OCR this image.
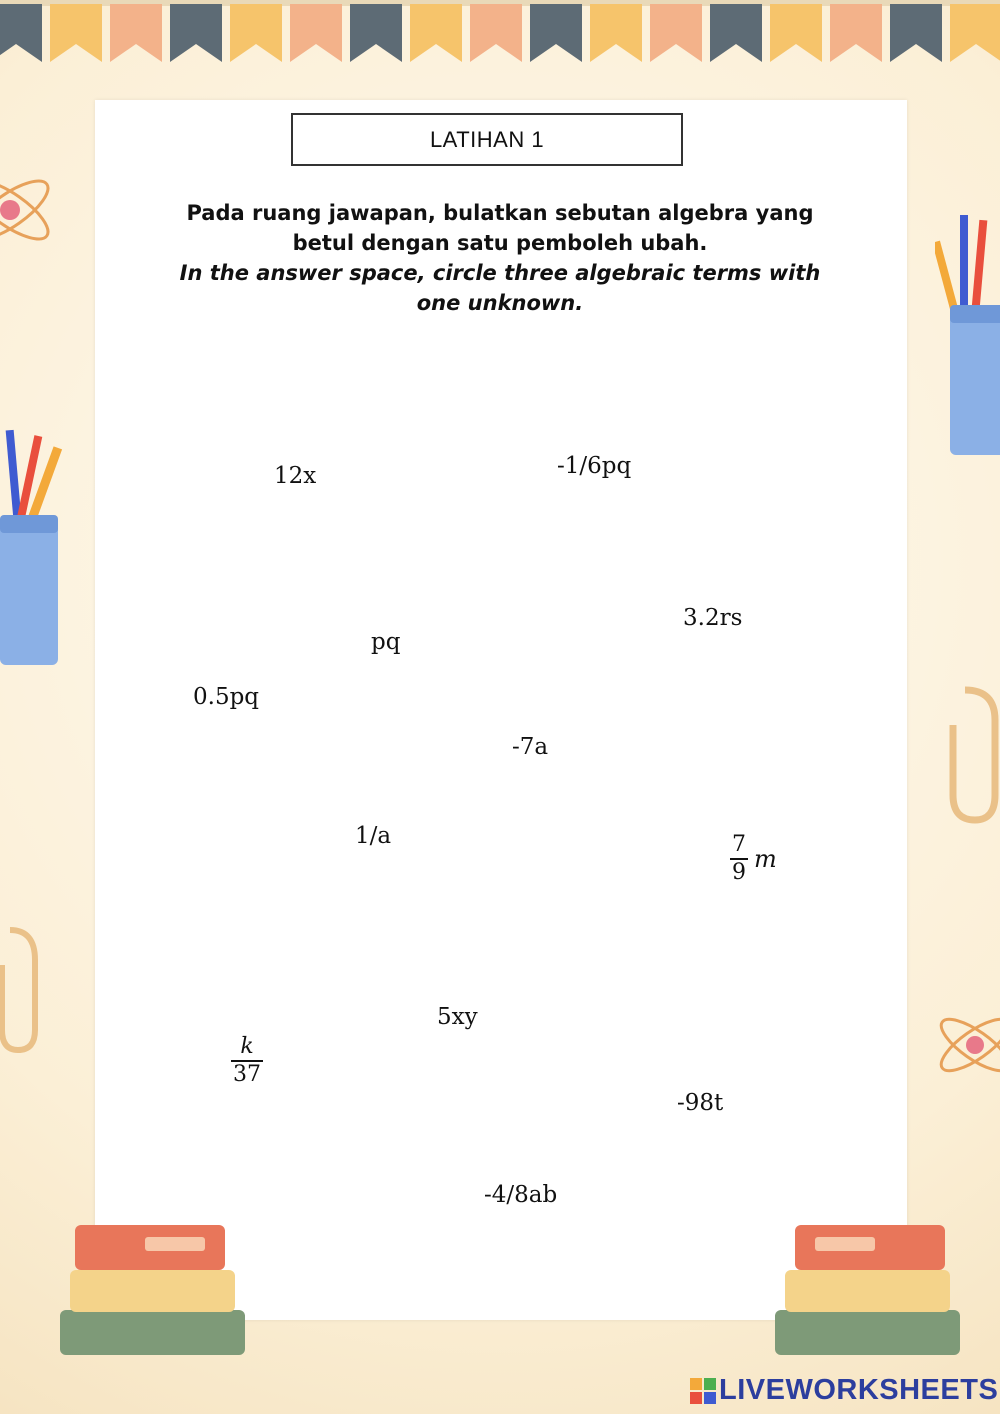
LATIHAN 1
Pada ruang jawapan, bulatkan sebutan algebra yang
betul dengan satu pemboleh ubah.
In the answer space, circle three algebraic terms with
one unknown.
12x	-1/6pq
3.2rs
pq
0.5pq
-7a
1/a	7
9 m
5xy
k
37
-98t
-4/8ab
LIVEWORKSHEETS
